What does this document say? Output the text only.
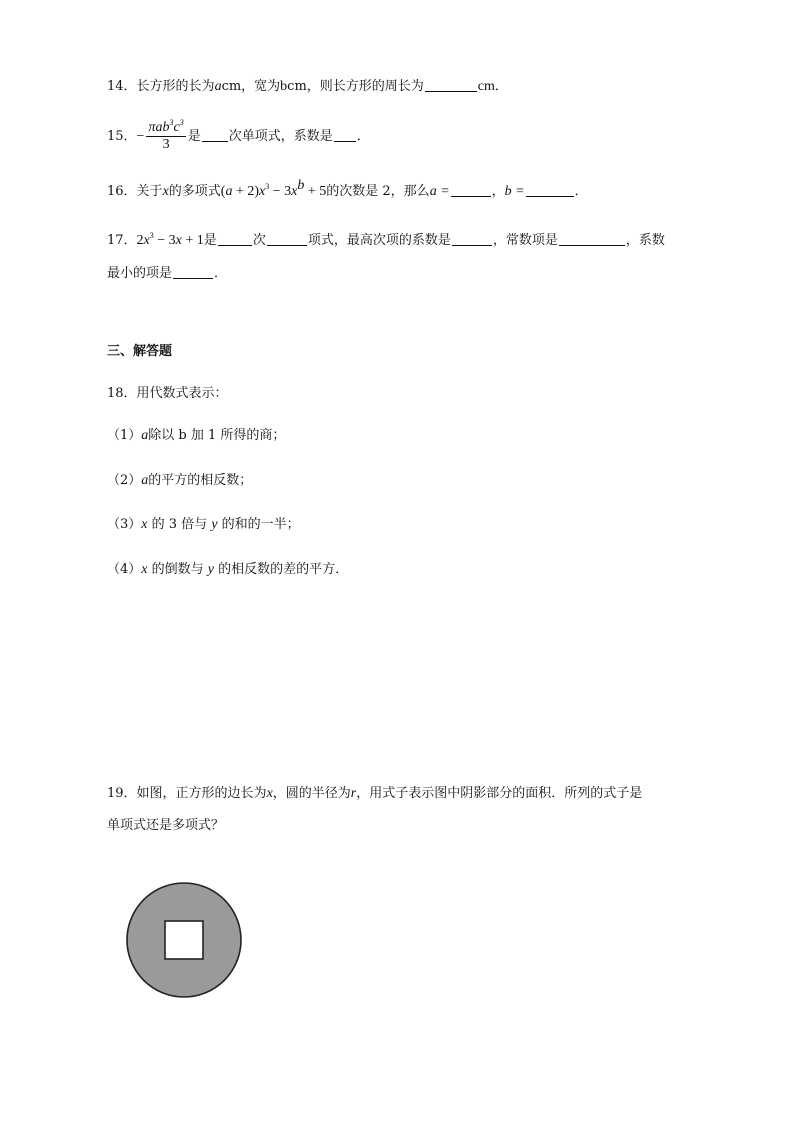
14．长方形的长为acm，宽为bcm，则长方形的周长为	cm．
15．− $\frac{\pi ab^3c^3}{3}$ 是 次单项式，系数是 ．
16．关于x的多项式$(a + 2)x^3 - 3x^b + 5$的次数是 2，那么a =	，b =	．
17．$2x^3 - 3x + 1$是	次	项式，最高次项的系数是	，常数项是	，系数
最小的项是	．
三、解答题
18．用代数式表示：
（1）a除以 b 加 1 所得的商；
（2）a的平方的相反数；
（3）x 的 3 倍与 y 的和的一半；
（4）x 的倒数与 y 的相反数的差的平方．
19．如图，正方形的边长为x，圆的半径为r，用式子表示图中阴影部分的面积．所列的式子是
单项式还是多项式？
